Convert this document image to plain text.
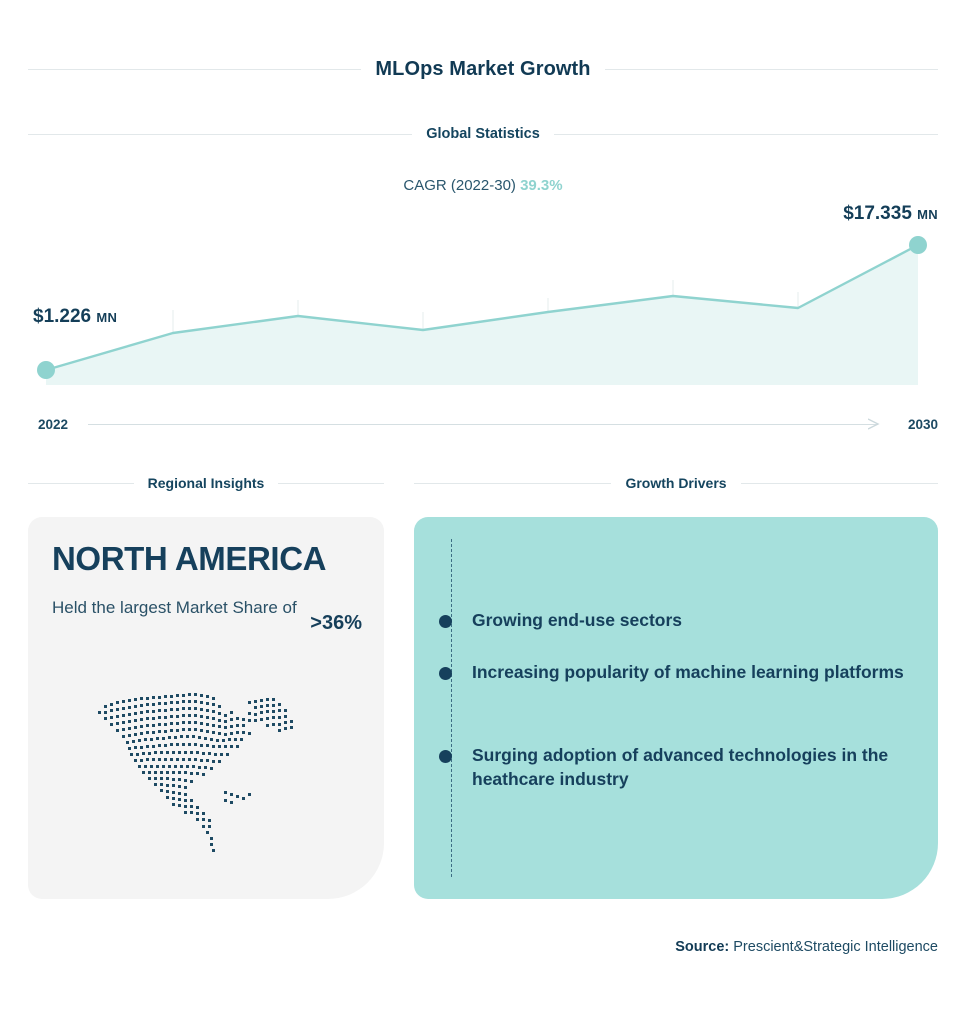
MLOps Market Growth
Global Statistics
CAGR (2022-30) 39.3%
$1.226 MN
$17.335 MN
2022	2030
Regional Insights	Growth Drivers
NORTH AMERICA
Held the largest Market Share of
>36%	Growing end-use sectors
Increasing popularity of machine learning platforms
Surging adoption of advanced technologies in the heathcare industry
Source: Prescient&Strategic Intelligence
